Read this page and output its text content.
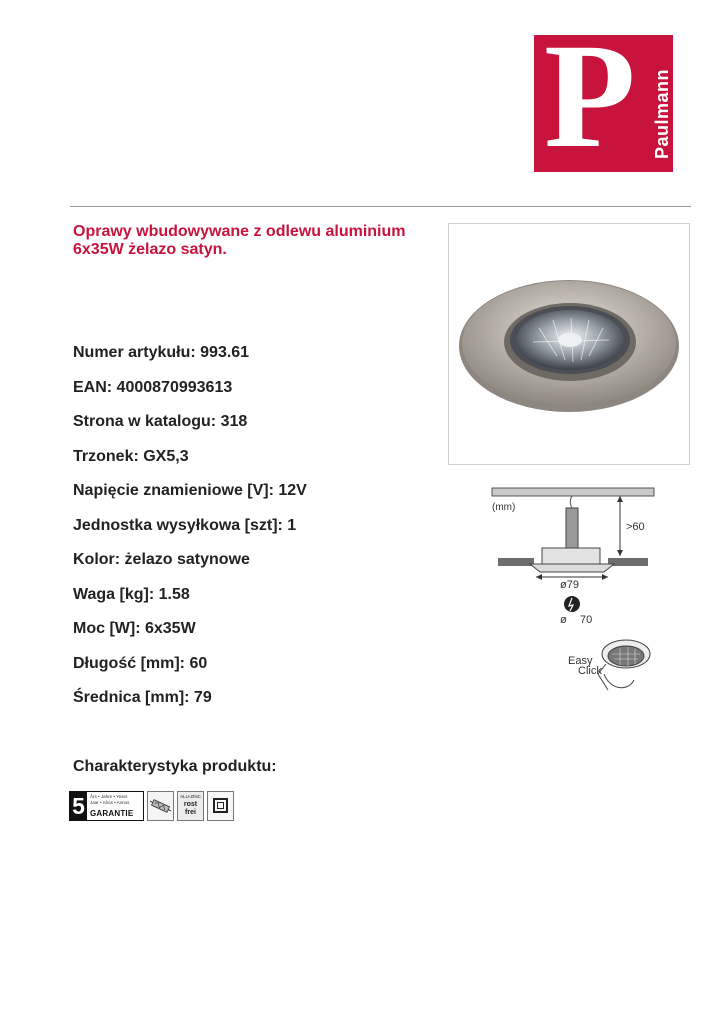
P Paulmann
Oprawy wbudowywane z odlewu aluminium
6x35W żelazo satyn.
Numer artykułu: 993.61
EAN: 4000870993613
Strona w katalogu: 318
Trzonek: GX5,3
Napięcie znamieniowe [V]: 12V
Jednostka wysyłkowa [szt]: 1
Kolor: żelazo satynowe
Waga [kg]: 1.58
Moc [W]: 6x35W
Długość [mm]: 60
Średnica [mm]: 79
Charakterystyka produktu:
(mm)
>60
ø79
ø 70
Easy
Click
5	Års • Jahre • Years
Jaar • Ahos • Annos
GARANTIE
ALU-ZINC
rost
frei
